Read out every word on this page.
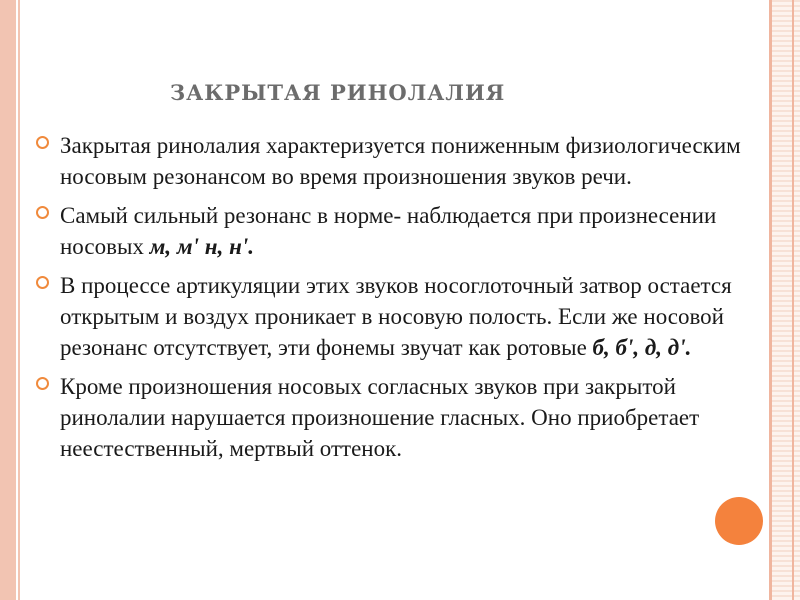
ЗАКРЫТАЯ РИНОЛАЛИЯ
Закрытая ринолалия характеризуется пониженным физиологическим носовым резонансом во время произношения звуков речи.
Самый сильный резонанс в норме- наблюдается при произнесении носовых м, м' н, н'.
В процессе артикуляции этих звуков носоглоточный затвор остается открытым и воздух проникает в носовую полость. Если же носовой резонанс отсутствует, эти фонемы звучат как ротовые б, б', д, д'.
Кроме произношения носовых согласных звуков при закрытой ринолалии нарушается произношение гласных. Оно приобретает неестественный, мертвый оттенок.
